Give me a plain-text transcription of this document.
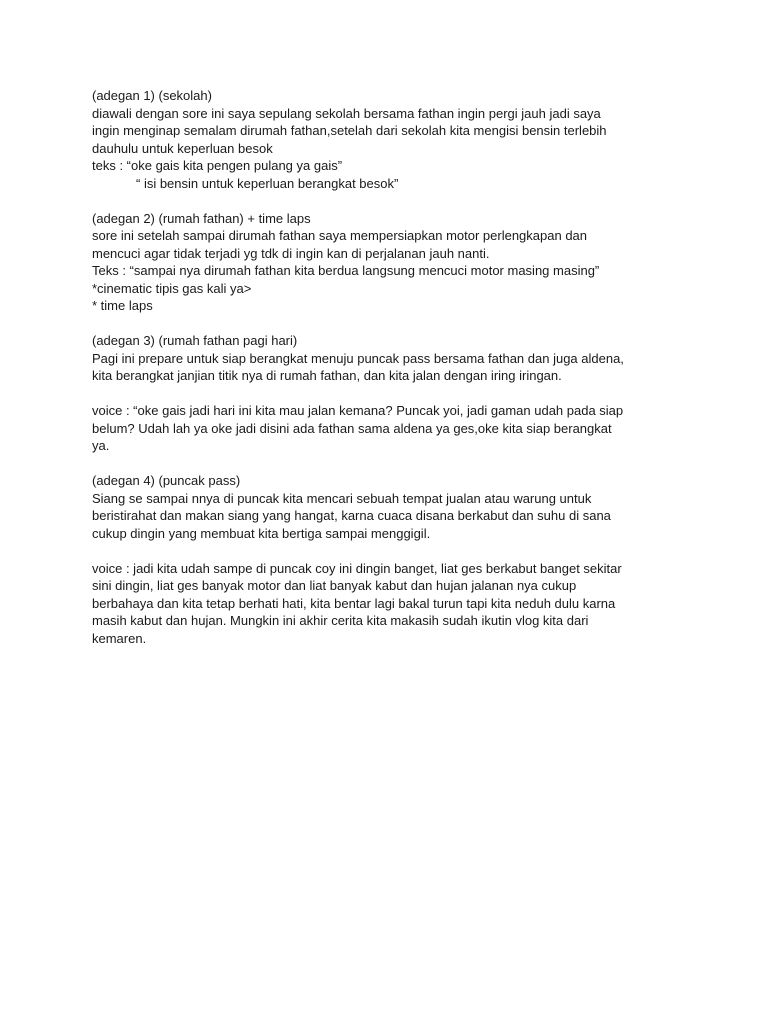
(adegan 1) (sekolah)
diawali dengan sore ini saya sepulang sekolah bersama fathan ingin pergi jauh jadi saya
ingin menginap semalam dirumah fathan,setelah dari sekolah kita mengisi bensin terlebih
dauhulu untuk keperluan besok
teks : “oke gais kita pengen pulang ya gais”
“ isi bensin untuk keperluan berangkat besok”
(adegan 2) (rumah fathan) + time laps
sore ini setelah sampai dirumah fathan saya mempersiapkan motor perlengkapan dan
mencuci agar tidak terjadi yg tdk di ingin kan di perjalanan jauh nanti.
Teks : “sampai nya dirumah fathan kita berdua langsung mencuci motor masing masing”
*cinematic tipis gas kali ya>
* time laps
(adegan 3) (rumah fathan pagi hari)
Pagi ini prepare untuk siap berangkat menuju puncak pass bersama fathan dan juga aldena,
kita berangkat janjian titik nya di rumah fathan, dan kita jalan dengan iring iringan.
voice : “oke gais jadi hari ini kita mau jalan kemana? Puncak yoi, jadi gaman udah pada siap
belum? Udah lah ya oke jadi disini ada fathan sama aldena ya ges,oke kita siap berangkat
ya.
(adegan 4) (puncak pass)
Siang se sampai nnya di puncak kita mencari sebuah tempat jualan atau warung untuk
beristirahat dan makan siang yang hangat, karna cuaca disana berkabut dan suhu di sana
cukup dingin yang membuat kita bertiga sampai menggigil.
voice : jadi kita udah sampe di puncak coy ini dingin banget, liat ges berkabut banget sekitar
sini dingin, liat ges banyak motor dan liat banyak kabut dan hujan jalanan nya cukup
berbahaya dan kita tetap berhati hati, kita bentar lagi bakal turun tapi kita neduh dulu karna
masih kabut dan hujan. Mungkin ini akhir cerita kita makasih sudah ikutin vlog kita dari
kemaren.
